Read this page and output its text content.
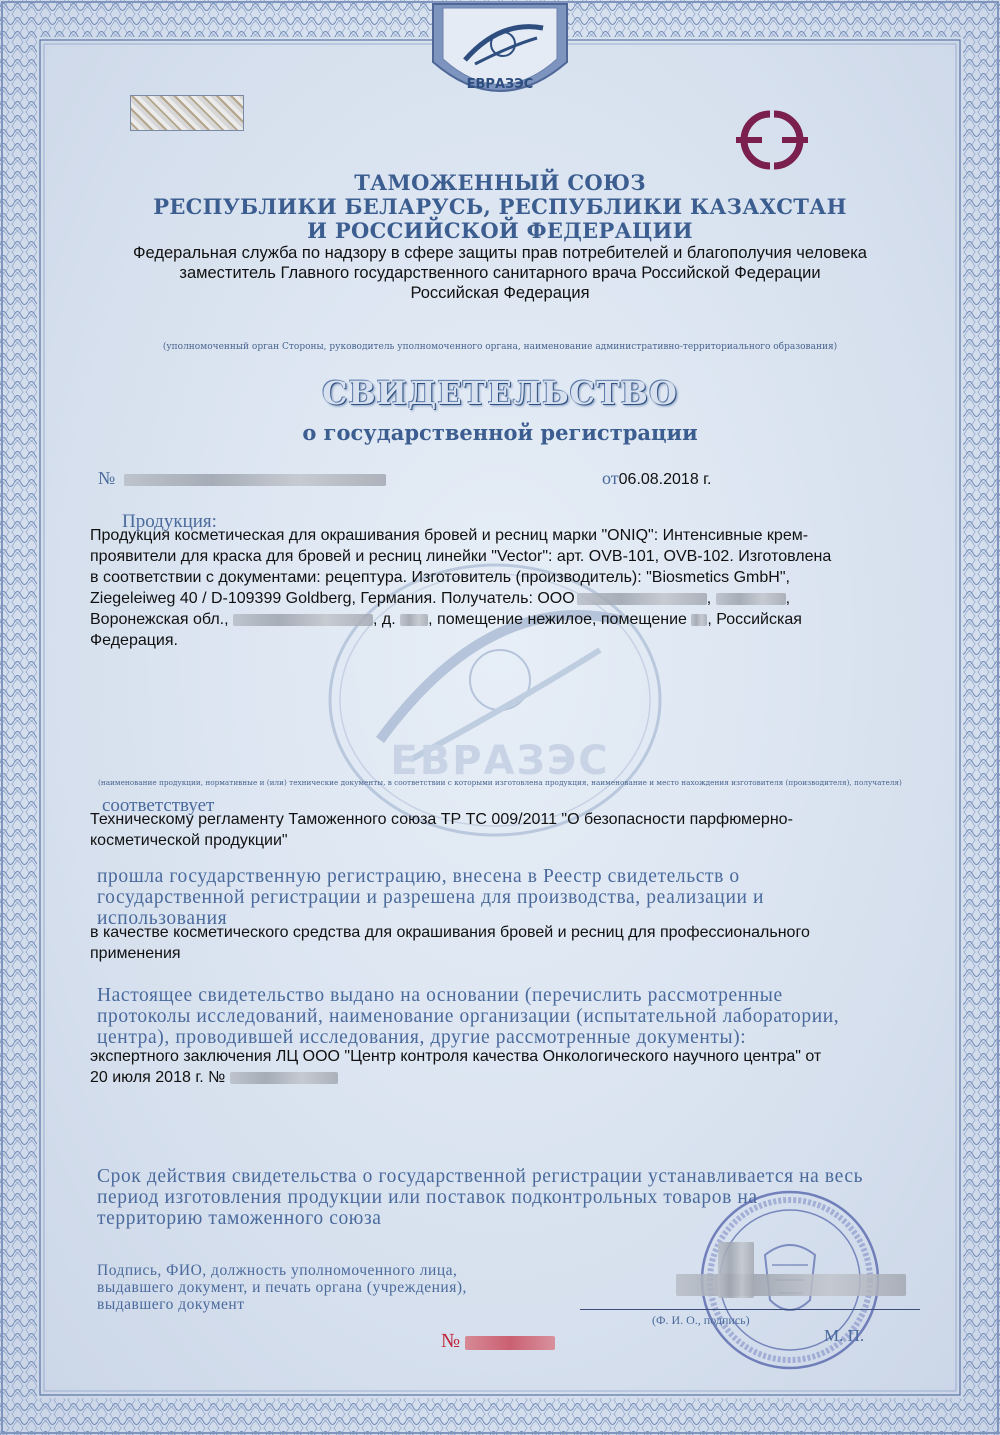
ЕВРАЗЭС
ЕВРАЗЭС
ТАМОЖЕННЫЙ СОЮЗ
РЕСПУБЛИКИ БЕЛАРУСЬ, РЕСПУБЛИКИ КАЗАХСТАН
И РОССИЙСКОЙ ФЕДЕРАЦИИ
Федеральная служба по надзору в сфере защиты прав потребителей и благополучия человека
заместитель Главного государственного санитарного врача Российской Федерации
Российская Федерация
(уполномоченный орган Стороны, руководитель уполномоченного органа, наименование административно-территориального образования)
СВИДЕТЕЛЬСТВО
о государственной регистрации
№	от06.08.2018 г.
Продукция:
Продукция косметическая для окрашивания бровей и ресниц марки "ONIQ": Интенсивные крем-
проявители для краска для бровей и ресниц линейки "Vector": арт. OVB-101, OVB-102. Изготовлена
в соответствии с документами: рецептура. Изготовитель (производитель): "Biosmetics GmbH",
Ziegeleiweg 40 / D-109399 Goldberg, Германия. Получатель: ООО	,	,
Воронежская обл.,	, д. , помещение нежилое, помещение , Российская
Федерация.
(наименование продукции, нормативные и (или) технические документы, в соответствии с которыми изготовлена продукция, наименование и место нахождения изготовителя (производителя), получателя)
соответствует
Техническому регламенту Таможенного союза ТР ТС 009/2011 "О безопасности парфюмерно-
косметической продукции"
прошла государственную регистрацию, внесена в Реестр свидетельств о
государственной регистрации и разрешена для производства, реализации и
использования
в качестве косметического средства для окрашивания бровей и ресниц для профессионального
применения
Настоящее свидетельство выдано на основании (перечислить рассмотренные
протоколы исследований, наименование организации (испытательной лаборатории,
центра), проводившей исследования, другие рассмотренные документы):
экспертного заключения ЛЦ ООО "Центр контроля качества Онкологического научного центра" от
20 июля 2018 г. №
Срок действия свидетельства о государственной регистрации устанавливается на весь
период изготовления продукции или поставок подконтрольных товаров на
территорию таможенного союза
Подпись, ФИО, должность уполномоченного лица,
выдавшего документ, и печать органа (учреждения),
выдавшего документ
(Ф. И. О., подпись)
М. П.
№
